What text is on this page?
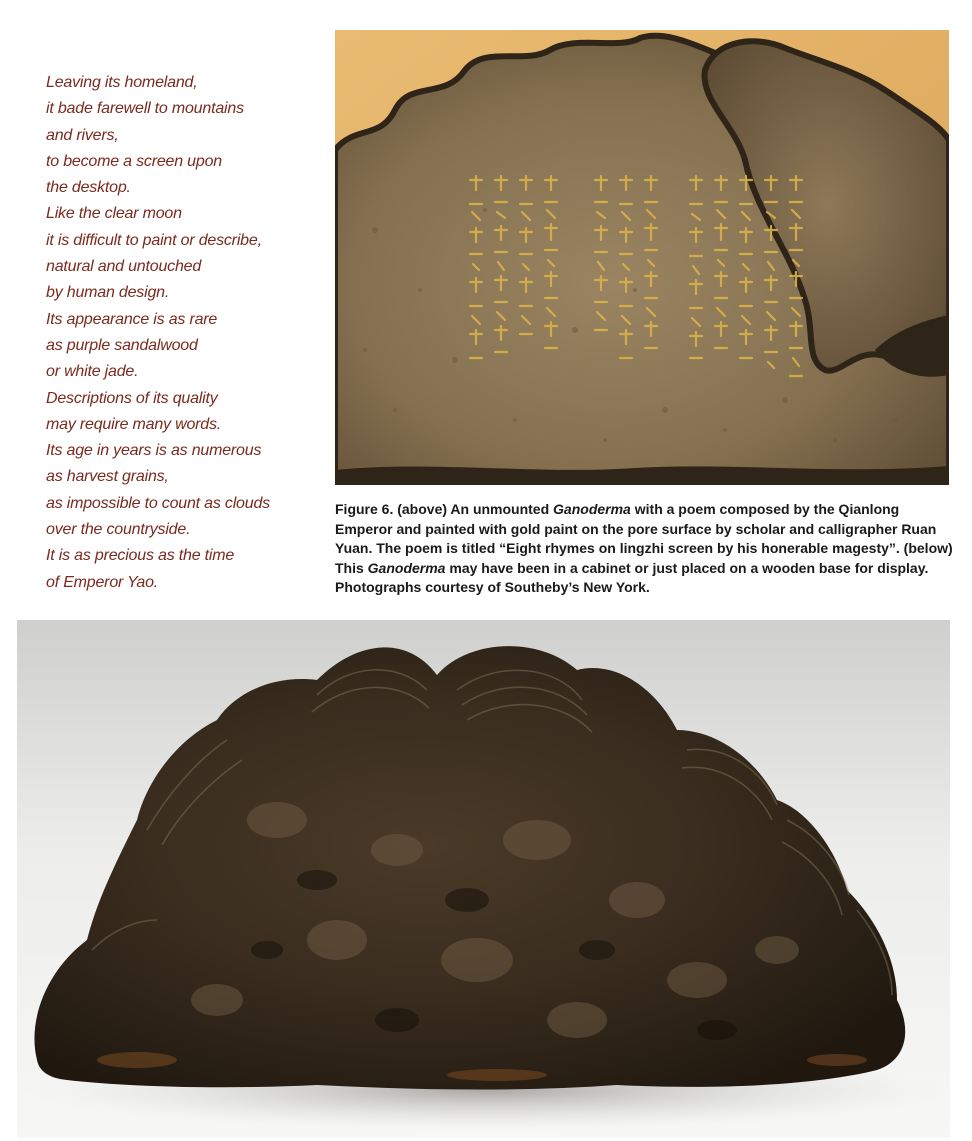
Leaving its homeland,
it bade farewell to mountains
and rivers,
to become a screen upon
the desktop.
Like the clear moon
it is difficult to paint or describe,
natural and untouched
by human design.
Its appearance is as rare
as purple sandalwood
or white jade.
Descriptions of its quality
may require many words.
Its age in years is as numerous
as harvest grains,
as impossible to count as clouds
over the countryside.
It is as precious as the time
of Emperor Yao.
Figure 6. (above) An unmounted Ganoderma with a poem composed by the Qianlong Emperor and painted with gold paint on the pore surface by scholar and calligrapher Ruan Yuan. The poem is titled “Eight rhymes on lingzhi screen by his honerable magesty”. (below) This Ganoderma may have been in a cabinet or just placed on a wooden base for display. Photographs courtesy of Southeby’s New York.
